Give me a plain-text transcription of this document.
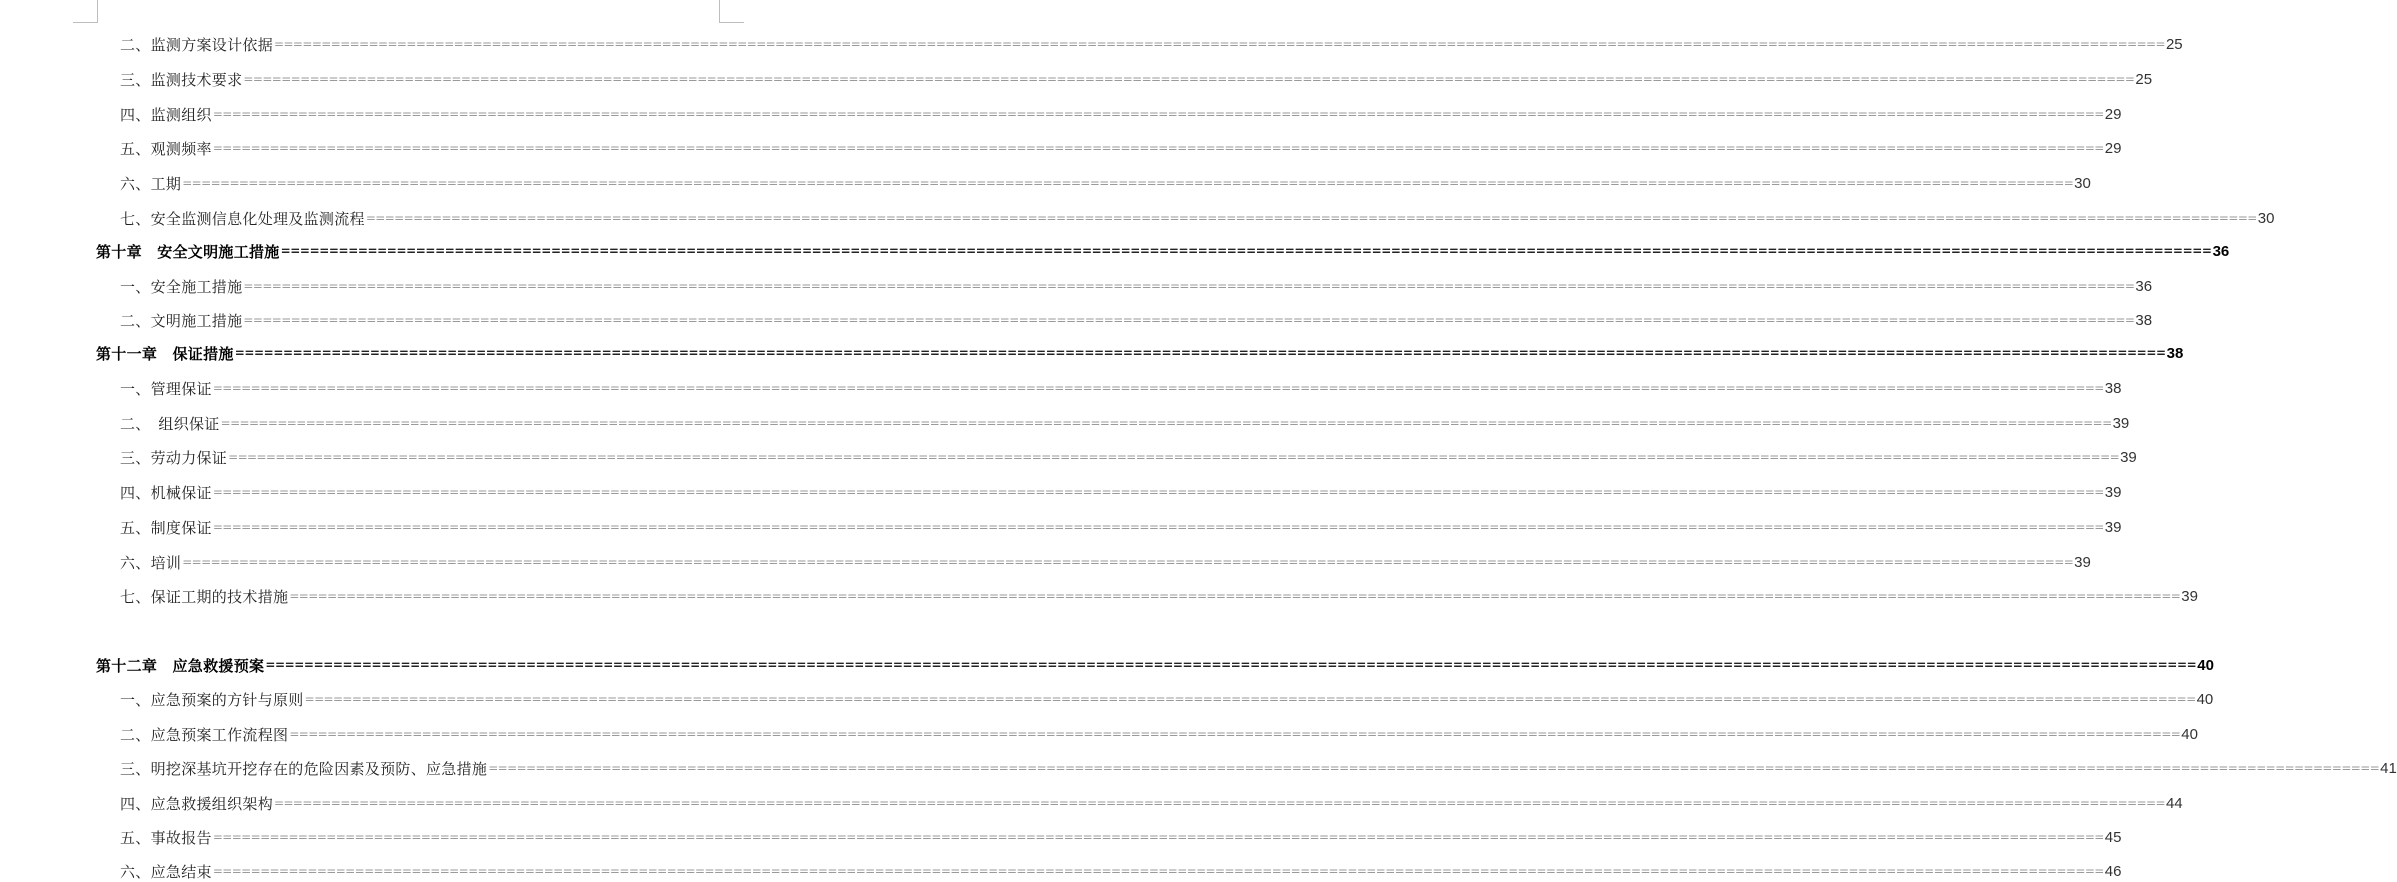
二、监测方案设计依据 ======================================================================================================================================================================================================== 25
三、监测技术要求 ======================================================================================================================================================================================================== 25
四、监测组织 ======================================================================================================================================================================================================== 29
五、观测频率 ======================================================================================================================================================================================================== 29
六、工期 ======================================================================================================================================================================================================== 30
七、安全监测信息化处理及监测流程 ======================================================================================================================================================================================================== 30
第十章　安全文明施工措施 ======================================================================================================================================================================================================== 36
一、安全施工措施 ======================================================================================================================================================================================================== 36
二、文明施工措施 ======================================================================================================================================================================================================== 38
第十一章　保证措施 ======================================================================================================================================================================================================== 38
一、管理保证 ======================================================================================================================================================================================================== 38
二、　组织保证 ======================================================================================================================================================================================================== 39
三、劳动力保证 ======================================================================================================================================================================================================== 39
四、机械保证 ======================================================================================================================================================================================================== 39
五、制度保证 ======================================================================================================================================================================================================== 39
六、培训 ======================================================================================================================================================================================================== 39
七、保证工期的技术措施 ======================================================================================================================================================================================================== 39
第十二章　应急救援预案 ======================================================================================================================================================================================================== 40
一、应急预案的方针与原则 ======================================================================================================================================================================================================== 40
二、应急预案工作流程图 ======================================================================================================================================================================================================== 40
三、明挖深基坑开挖存在的危险因素及预防、应急措施 ======================================================================================================================================================================================================== 41
四、应急救援组织架构 ======================================================================================================================================================================================================== 44
五、事故报告 ======================================================================================================================================================================================================== 45
六、应急结束 ======================================================================================================================================================================================================== 46
